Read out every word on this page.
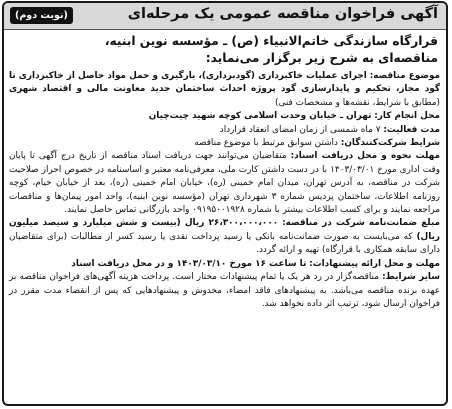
(نوبت دوم)	آگهی فراخوان مناقصه عمومی یک مرحله‌ای
قرارگاه سازندگی خاتم‌الانبیاء (ص) ـ مؤسسه نوین ابنیه،
مناقصه‌ای به شرح زیر برگزار می‌نماید:

موضوع مناقصه: اجرای عملیات خاکبرداری (گودبرداری)، بارگیری و حمل مواد حاصل از خاکبرداری تا گود مجاز، تحکیم و پایدارسازی گود پروژه احداث ساختمان جدید معاونت مالی و اقتصاد شهری (مطابق با شرایط، نقشه‌ها و مشخصات فنی)

محل انجام کار: تهران ـ خیابان وحدت اسلامی کوچه شهید چیت‌چیان

مدت فعالیت: ۷ ماه شمسی از زمان امضای انعقاد قرارداد

شرایط شرکت‌کنندگان: داشتن سوابق مرتبط با موضوع مناقصه

مهلت نحوه و محل دریافت اسناد: متقاضیان می‌توانند جهت دریافت اسناد مناقصه از تاریخ درج آگهی تا پایان وقت اداری مورخ ۱۴۰۳/۰۳/۰۱ با در دست داشتن کارت ملی، معرفی‌نامه معتبر و اساسنامه در خصوص احراز صلاحیت شرکت در مناقصه، به آدرس تهران، میدان امام خمینی (ره)، خیابان امام خمینی (ره)، بعد از خیابان خیام، کوچه روزنامه اطلاعات، ساختمان پردیس شماره ۳ شهرداری تهران (مؤسسه نوین ابنیه)، واحد امور پیمان‌ها و مناقصات مراجعه نمایند و برای کسب اطلاعات بیشتر با شماره ۰۹۱۹۵۰۰۱۹۲۸ واحد بازرگانی تماس حاصل نمایند.

مبلغ ضمانت‌نامه شرکت در مناقصه: ۲۶،۳۰۰،۰۰۰،۰۰۰ ریال (بیست و شش میلیارد و سیصد میلیون ریال) که می‌بایست به صورت ضمانت‌نامه بانکی یا رسید پرداخت نقدی یا رسید کسر از مطالبات (برای متقاضیان دارای سابقه همکاری با قرارگاه) تهیه و ارائه گردد.

مهلت و محل ارائه پیشنهادات: تا ساعت ۱۶ مورخ ۱۴۰۳/۰۳/۱۰ و در محل دریافت اسناد

سایر شرایط: مناقصه‌گزار در رد هر یک یا تمام پیشنهادات مختار است. پرداخت هزینه آگهی‌های فراخوان مناقصه بر عهده برنده مناقصه می‌باشد. به پیشنهادهای فاقد امضاء، مخدوش و پیشنهادهایی که پس از انقضاء مدت مقرر در فراخوان ارسال شود، ترتیب اثر داده نخواهد شد.
